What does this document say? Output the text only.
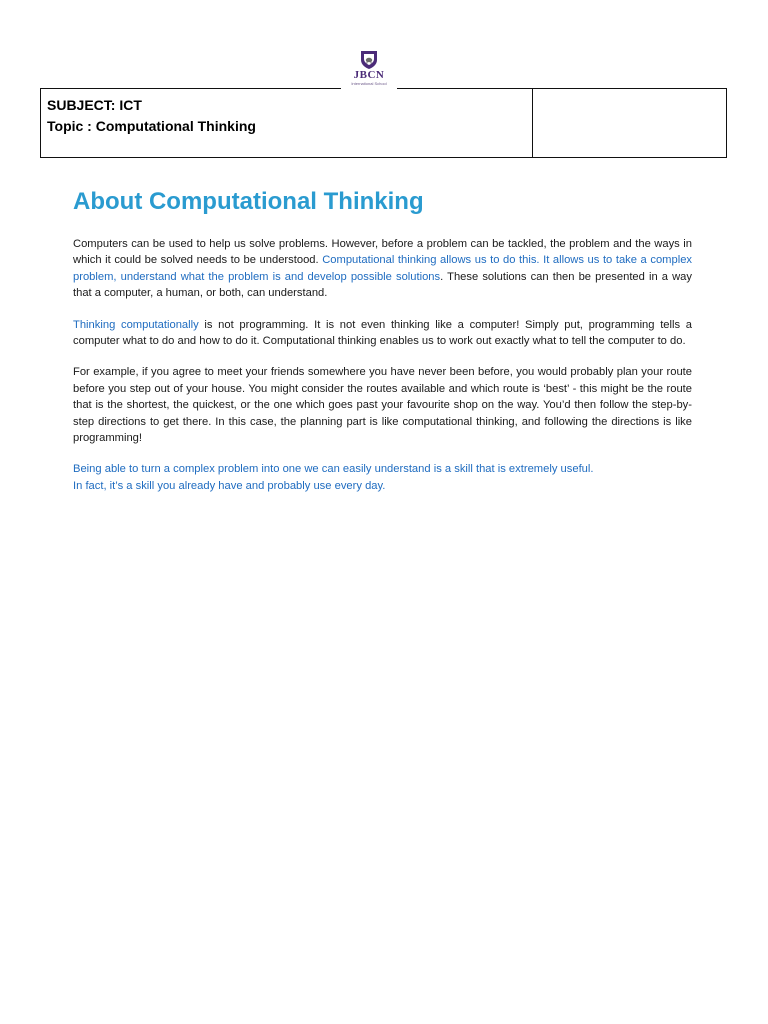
SUBJECT: ICT
Topic : Computational Thinking
JBCN
International School
About Computational Thinking

Computers can be used to help us solve problems. However, before a problem can be tackled, the problem and the ways in which it could be solved needs to be understood. Computational thinking allows us to do this. It allows us to take a complex problem, understand what the problem is and develop possible solutions. These solutions can then be presented in a way that a computer, a human, or both, can understand.

Thinking computationally is not programming. It is not even thinking like a computer! Simply put, programming tells a computer what to do and how to do it. Computational thinking enables us to work out exactly what to tell the computer to do.

For example, if you agree to meet your friends somewhere you have never been before, you would probably plan your route before you step out of your house. You might consider the routes available and which route is ‘best’ - this might be the route that is the shortest, the quickest, or the one which goes past your favourite shop on the way. You’d then follow the step-by-step directions to get there. In this case, the planning part is like computational thinking, and following the directions is like programming!

Being able to turn a complex problem into one we can easily understand is a skill that is extremely useful.
In fact, it’s a skill you already have and probably use every day.
